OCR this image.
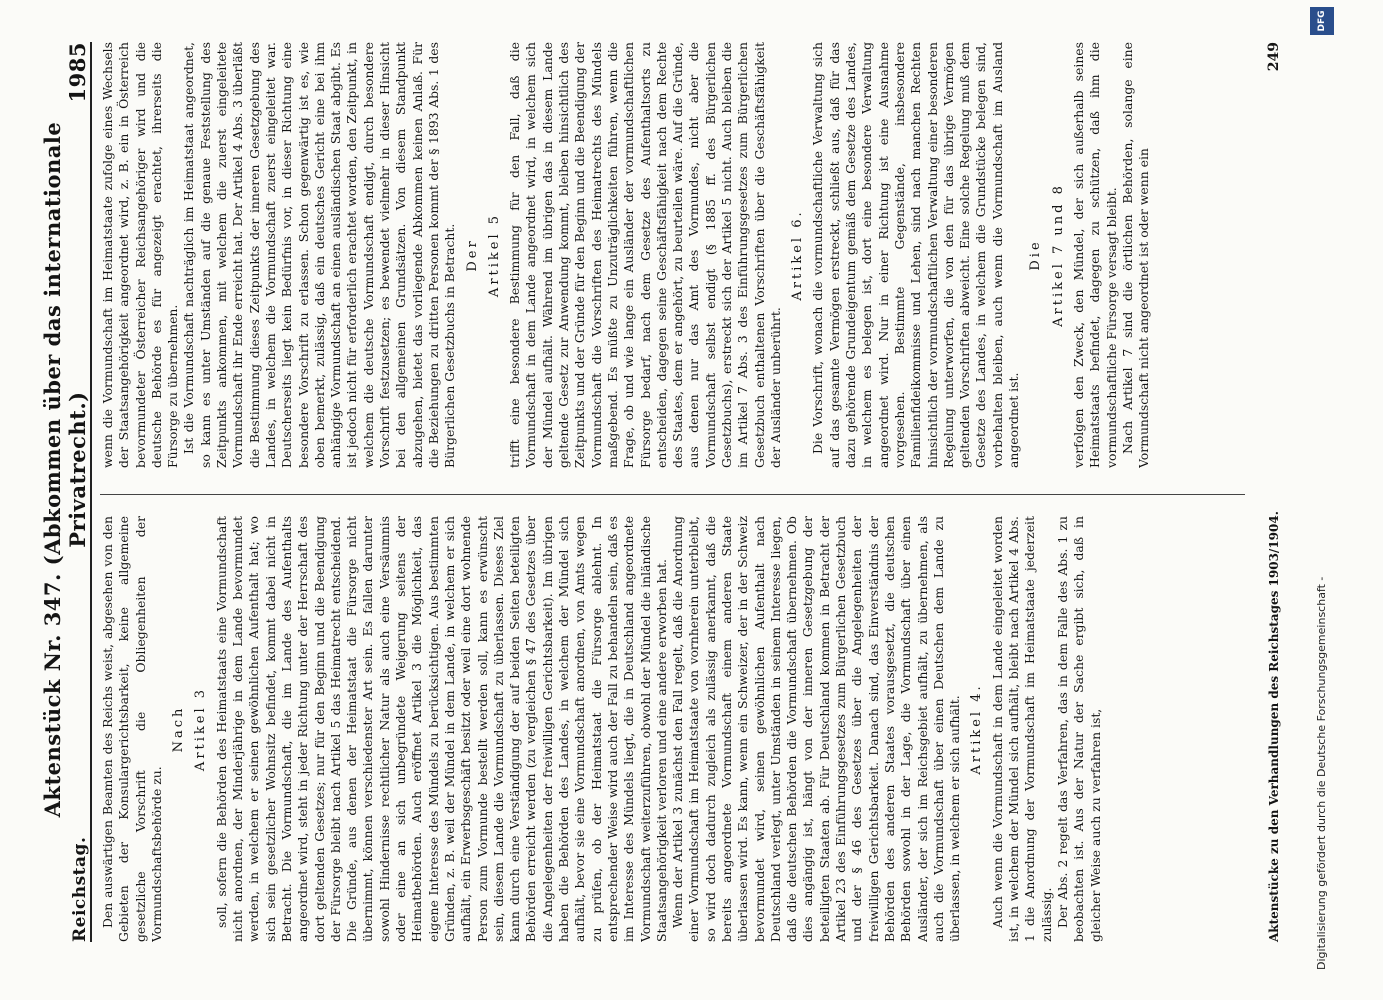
Reichstag.
Aktenstück Nr. 347. (Abkommen über das internationale Privatrecht.)
1985

Den auswärtigen Beamten des Reichs weist, abgesehen von den Gebieten der Konsulargerichtsbarkeit, keine allgemeine gesetzliche Vorschrift die Obliegenheiten der Vormundschaftsbehörde zu.

Nach Artikel 3 soll, sofern die Behörden des Heimatstaats eine Vormundschaft nicht anordnen, der Minderjährige in dem Lande bevormundet werden, in welchem er seinen gewöhnlichen Aufenthalt hat; wo sich sein gesetzlicher Wohnsitz befindet, kommt dabei nicht in Betracht. Die Vormundschaft, die im Lande des Aufenthalts angeordnet wird, steht in jeder Richtung unter der Herrschaft des dort geltenden Gesetzes; nur für den Beginn und die Beendigung der Fürsorge bleibt nach Artikel 5 das Heimatrecht entscheidend. Die Gründe, aus denen der Heimatstaat die Fürsorge nicht übernimmt, können verschiedenster Art sein. Es fallen darunter sowohl Hindernisse rechtlicher Natur als auch eine Versäumnis oder eine an sich unbegründete Weigerung seitens der Heimatbehörden. Auch eröffnet Artikel 3 die Möglichkeit, das eigene Interesse des Mündels zu berücksichtigen. Aus bestimmten Gründen, z. B. weil der Mündel in dem Lande, in welchem er sich aufhält, ein Erwerbsgeschäft besitzt oder weil eine dort wohnende Person zum Vormunde bestellt werden soll, kann es erwünscht sein, diesem Lande die Vormundschaft zu überlassen. Dieses Ziel kann durch eine Verständigung der auf beiden Seiten beteiligten Behörden erreicht werden (zu vergleichen § 47 des Gesetzes über die Angelegenheiten der freiwilligen Gerichtsbarkeit). Im übrigen haben die Behörden des Landes, in welchem der Mündel sich aufhält, bevor sie eine Vormundschaft anordnen, von Amts wegen zu prüfen, ob der Heimatstaat die Fürsorge ablehnt. In entsprechender Weise wird auch der Fall zu behandeln sein, daß es im Interesse des Mündels liegt, die in Deutschland angeordnete Vormundschaft weiterzuführen, obwohl der Mündel die inländische Staatsangehörigkeit verloren und eine andere erworben hat. Wenn der Artikel 3 zunächst den Fall regelt, daß die Anordnung einer Vormundschaft im Heimatstaate von vornherein unterbleibt, so wird doch dadurch zugleich als zulässig anerkannt, daß die bereits angeordnete Vormundschaft einem anderen Staate überlassen wird. Es kann, wenn ein Schweizer, der in der Schweiz bevormundet wird, seinen gewöhnlichen Aufenthalt nach Deutschland verlegt, unter Umständen in seinem Interesse liegen, daß die deutschen Behörden die Vormundschaft übernehmen. Ob dies angängig ist, hängt von der inneren Gesetzgebung der beteiligten Staaten ab. Für Deutschland kommen in Betracht der Artikel 23 des Einführungsgesetzes zum Bürgerlichen Gesetzbuch und der § 46 des Gesetzes über die Angelegenheiten der freiwilligen Gerichtsbarkeit. Danach sind, das Einverständnis der Behörden des anderen Staates vorausgesetzt, die deutschen Behörden sowohl in der Lage, die Vormundschaft über einen Ausländer, der sich im Reichsgebiet aufhält, zu übernehmen, als auch die Vormundschaft über einen Deutschen dem Lande zu überlassen, in welchem er sich aufhält. Artikel 4. Auch wenn die Vormundschaft in dem Lande eingeleitet worden ist, in welchem der Mündel sich aufhält, bleibt nach Artikel 4 Abs. 1 die Anordnung der Vormundschaft im Heimatstaate jederzeit zulässig. Der Abs. 2 regelt das Verfahren, das in dem Falle des Abs. 1 zu beobachten ist. Aus der Natur der Sache ergibt sich, daß in gleicher Weise auch zu verfahren ist,

wenn die Vormundschaft im Heimatstaate zufolge eines Wechsels der Staatsangehörigkeit angeordnet wird, z. B. ein in Österreich bevormundeter Österreicher Reichsangehöriger wird und die deutsche Behörde es für angezeigt erachtet, ihrerseits die Fürsorge zu übernehmen. Ist die Vormundschaft nachträglich im Heimatstaat angeordnet, so kann es unter Umständen auf die genaue Feststellung des Zeitpunkts ankommen, mit welchem die zuerst eingeleitete Vormundschaft ihr Ende erreicht hat. Der Artikel 4 Abs. 3 überläßt die Bestimmung dieses Zeitpunkts der inneren Gesetzgebung des Landes, in welchem die Vormundschaft zuerst eingeleitet war. Deutscherseits liegt kein Bedürfnis vor, in dieser Richtung eine besondere Vorschrift zu erlassen. Schon gegenwärtig ist es, wie oben bemerkt, zulässig, daß ein deutsches Gericht eine bei ihm anhängige Vormundschaft an einen ausländischen Staat abgibt. Es ist jedoch nicht für erforderlich erachtet worden, den Zeitpunkt, in welchem die deutsche Vormundschaft endigt, durch besondere Vorschrift festzusetzen; es bewendet vielmehr in dieser Hinsicht bei den allgemeinen Grundsätzen. Von diesem Standpunkt abzugehen, bietet das vorliegende Abkommen keinen Anlaß. Für die Beziehungen zu dritten Personen kommt der § 1893 Abs. 1 des Bürgerlichen Gesetzbuchs in Betracht. Der Artikel 5 trifft eine besondere Bestimmung für den Fall, daß die Vormundschaft in dem Lande angeordnet wird, in welchem sich der Mündel aufhält. Während im übrigen das in diesem Lande geltende Gesetz zur Anwendung kommt, bleiben hinsichtlich des Zeitpunkts und der Gründe für den Beginn und die Beendigung der Vormundschaft die Vorschriften des Heimatrechts des Mündels maßgebend. Es müßte zu Unzuträglichkeiten führen, wenn die Frage, ob und wie lange ein Ausländer der vormundschaftlichen Fürsorge bedarf, nach dem Gesetze des Aufenthaltsorts zu entscheiden, dagegen seine Geschäftsfähigkeit nach dem Rechte des Staates, dem er angehört, zu beurteilen wäre. Auf die Gründe, aus denen nur das Amt des Vormundes, nicht aber die Vormundschaft selbst endigt (§ 1885 ff. des Bürgerlichen Gesetzbuchs), erstreckt sich der Artikel 5 nicht. Auch bleiben die im Artikel 7 Abs. 3 des Einführungsgesetzes zum Bürgerlichen Gesetzbuch enthaltenen Vorschriften über die Geschäftsfähigkeit der Ausländer unberührt.

Artikel 6. Die Vorschrift, wonach die vormundschaftliche Verwaltung sich auf das gesamte Vermögen erstreckt, schließt aus, daß für das dazu gehörende Grundeigentum gemäß dem Gesetze des Landes, in welchem es belegen ist, dort eine besondere Verwaltung angeordnet wird. Nur in einer Richtung ist eine Ausnahme vorgesehen. Bestimmte Gegenstände, insbesondere Familienfideikommisse und Lehen, sind nach manchen Rechten hinsichtlich der vormundschaftlichen Verwaltung einer besonderen Regelung unterworfen, die von den für das übrige Vermögen geltenden Vorschriften abweicht. Eine solche Regelung muß dem Gesetze des Landes, in welchem die Grundstücke belegen sind, vorbehalten bleiben, auch wenn die Vormundschaft im Ausland angeordnet ist.

Die Artikel 7 und 8 verfolgen den Zweck, den Mündel, der sich außerhalb seines Heimatstaats befindet, dagegen zu schützen, daß ihm die vormundschaftliche Fürsorge versagt bleibt. Nach Artikel 7 sind die örtlichen Behörden, solange eine Vormundschaft nicht angeordnet ist oder wenn ein

Aktenstücke zu den Verhandlungen des Reichstages 1903/1904.
249
Digitalisierung gefördert durch die Deutsche Forschungsgemeinschaft -
DFG
